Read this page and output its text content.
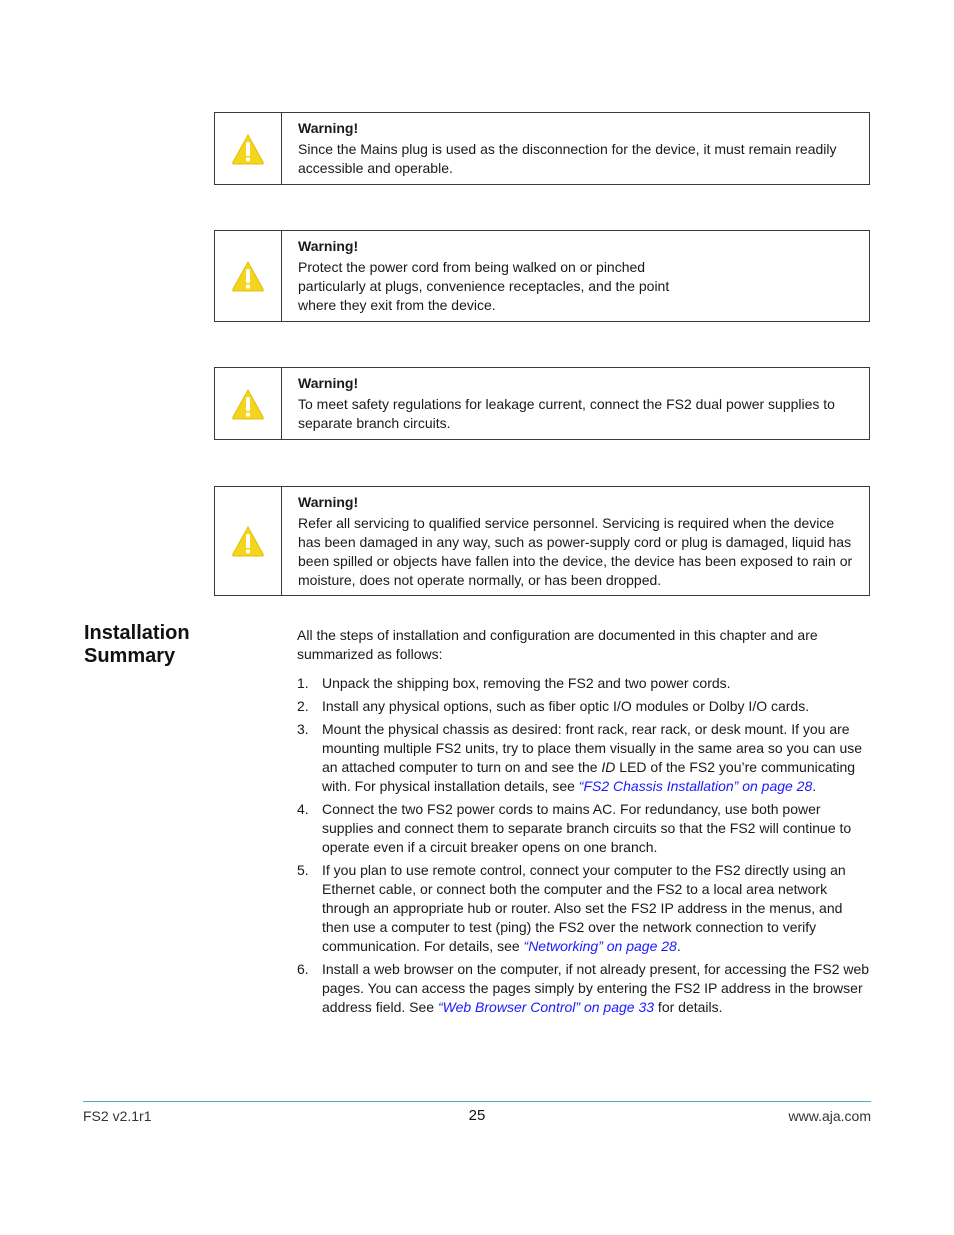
Warning!
Since the Mains plug is used as the disconnection for the device, it must remain readily accessible and operable.
Warning!
Protect the power cord from being walked on or pinched
particularly at plugs, convenience receptacles, and the point
where they exit from the device.
Warning!
To meet safety regulations for leakage current, connect the FS2 dual power supplies to separate branch circuits.
Warning!
Refer all servicing to qualified service personnel. Servicing is required when the device has been damaged in any way, such as power-supply cord or plug is damaged, liquid has been spilled or objects have fallen into the device, the device has been exposed to rain or moisture, does not operate normally, or has been dropped.
Installation Summary
All the steps of installation and configuration are documented in this chapter and are summarized as follows:
1. Unpack the shipping box, removing the FS2 and two power cords.
2. Install any physical options, such as fiber optic I/O modules or Dolby I/O cards.
3. Mount the physical chassis as desired: front rack, rear rack, or desk mount. If you are mounting multiple FS2 units, try to place them visually in the same area so you can use an attached computer to turn on and see the ID LED of the FS2 you’re communicating with. For physical installation details, see “FS2 Chassis Installation” on page 28.
4. Connect the two FS2 power cords to mains AC. For redundancy, use both power supplies and connect them to separate branch circuits so that the FS2 will continue to operate even if a circuit breaker opens on one branch.
5. If you plan to use remote control, connect your computer to the FS2 directly using an Ethernet cable, or connect both the computer and the FS2 to a local area network through an appropriate hub or router. Also set the FS2 IP address in the menus, and then use a computer to test (ping) the FS2 over the network connection to verify communication. For details, see “Networking” on page 28.
6. Install a web browser on the computer, if not already present, for accessing the FS2 web pages. You can access the pages simply by entering the FS2 IP address in the browser address field. See “Web Browser Control” on page 33 for details.
FS2 v2.1r1	25	www.aja.com
